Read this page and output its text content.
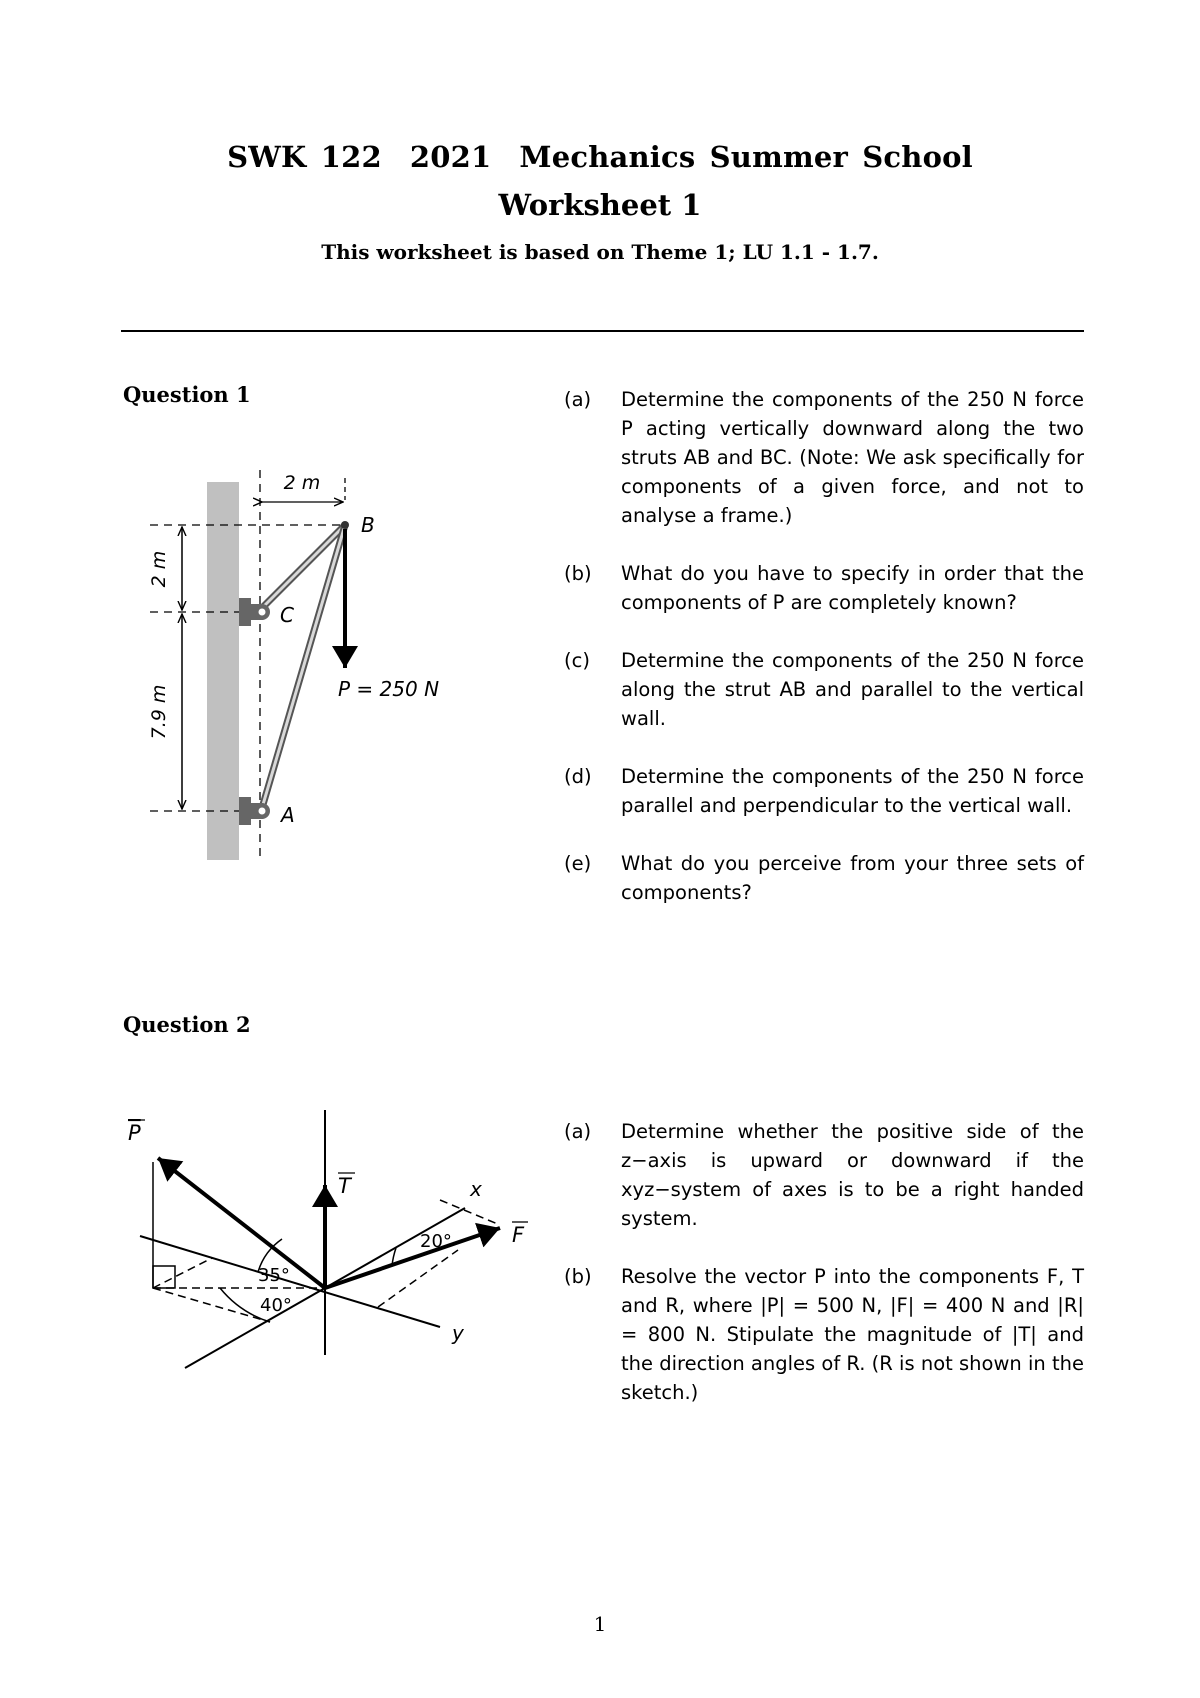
SWK 122 2021 Mechanics Summer School
Worksheet 1
This worksheet is based on Theme 1; LU 1.1 - 1.7.
Question 1
2 m
2 m
7.9 m
B
C
A
P = 250 N
(a)	Determine the components of the 250 N force P acting vertically downward along the two struts AB and BC. (Note: We ask specifically for components of a given force, and not to analyse a frame.)
(b)	What do you have to specify in order that the components of P are completely known?
(c)	Determine the components of the 250 N force along the strut AB and parallel to the vertical wall.
(d)	Determine the components of the 250 N force parallel and perpendicular to the vertical wall.
(e)	What do you perceive from your three sets of components?
Question 2
P
T
F
x
y
20°
35°
40°
(a)	Determine whether the positive side of the z−axis is upward or downward if the xyz−system of axes is to be a right handed system.
(b)	Resolve the vector P into the components F, T and R, where |P| = 500 N, |F| = 400 N and |R| = 800 N. Stipulate the magnitude of |T| and the direction angles of R. (R is not shown in the sketch.)
1
